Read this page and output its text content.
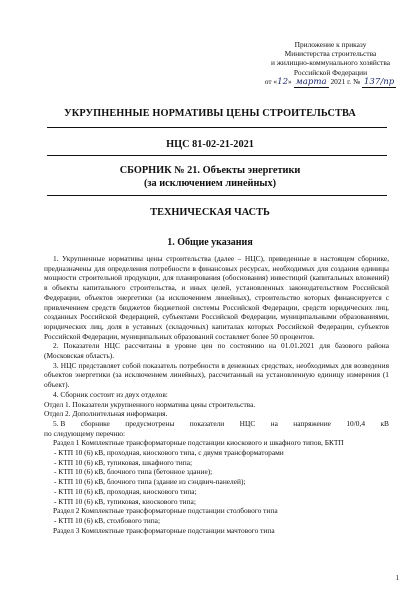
Приложение к приказу
Министерства строительства
и жилищно-коммунального хозяйства
Российской Федерации
от «12» марта 2021 г. № 137/пр
УКРУПНЕННЫЕ НОРМАТИВЫ ЦЕНЫ СТРОИТЕЛЬСТВА
НЦС 81-02-21-2021
СБОРНИК № 21. Объекты энергетики
(за исключением линейных)
ТЕХНИЧЕСКАЯ ЧАСТЬ
1. Общие указания

1. Укрупненные нормативы цены строительства (далее – НЦС), приведенные в настоящем сборнике, предназначены для определения потребности в финансовых ресурсах, необходимых для создания единицы мощности строительной продукции, для планирования (обоснования) инвестиций (капитальных вложений) в объекты капитального строительства, и иных целей, установленных законодательством Российской Федерации, объектов энергетики (за исключением линейных), строительство которых финансируется с привлечением средств бюджетов бюджетной системы Российской Федерации, средств юридических лиц, созданных Российской Федерацией, субъектами Российской Федерации, муниципальными образованиями, юридических лиц, доля в уставных (складочных) капиталах которых Российской Федерации, субъектов Российской Федерации, муниципальных образований составляет более 50 процентов.

2. Показатели НЦС рассчитаны в уровне цен по состоянию на 01.01.2021 для базового района (Московская область).

3. НЦС представляет собой показатель потребности в денежных средствах, необходимых для возведения объектов энергетики (за исключением линейных), рассчитанный на установленную единицу измерения (1 объект).

4. Сборник состоит из двух отделов:

Отдел 1. Показатели укрупненного норматива цены строительства.

Отдел 2. Дополнительная информация.

5. В сборнике предусмотрены показатели НЦС на напряжение 10/0,4 кВ

по следующему перечню:

Раздел 1 Комплектные трансформаторные подстанции киоскового и шкафного типов, БКТП

- КТП 10 (6) кВ, проходная, киоскового типа, с двумя трансформаторами
- КТП 10 (6) кВ, тупиковая, шкафного типа;
- КТП 10 (6) кВ, блочного типа (бетонное здание);
- КТП 10 (6) кВ, блочного типа (здание из сэндвич-панелей);
- КТП 10 (6) кВ, проходная, киоскового типа;
- КТП 10 (6) кВ, тупиковая, киоскового типа;

Раздел 2 Комплектные трансформаторные подстанции столбового типа

- КТП 10 (6) кВ, столбового типа;

Раздел 3 Комплектные трансформаторные подстанции мачтового типа

1
